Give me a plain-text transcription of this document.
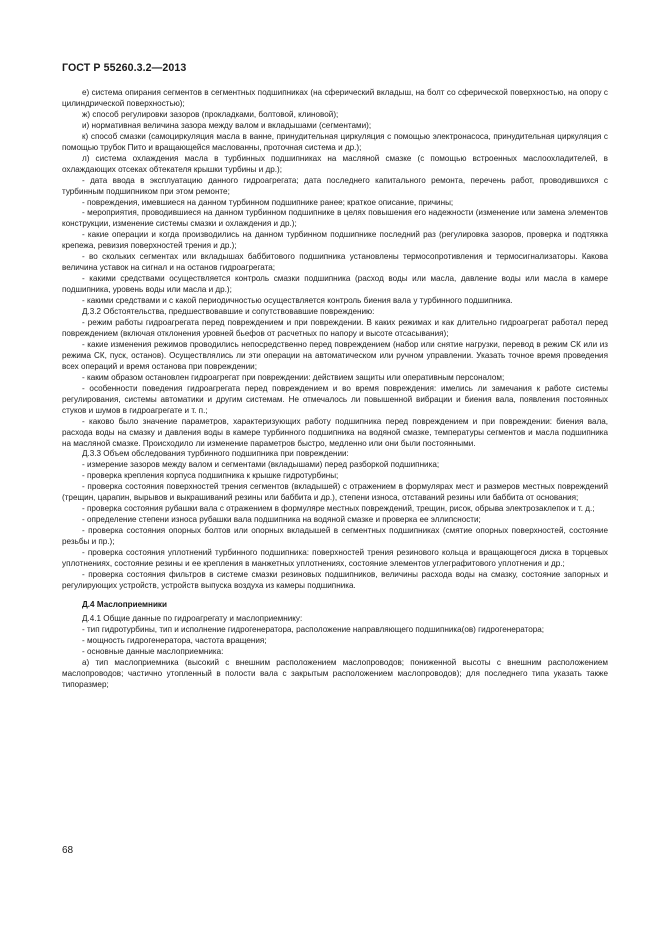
ГОСТ Р 55260.3.2—2013

е) система опирания сегментов в сегментных подшипниках (на сферический вкладыш, на болт со сферической поверхностью, на опору с цилиндрической поверхностью);

ж) способ регулировки зазоров (прокладками, болтовой, клиновой);

и) нормативная величина зазора между валом и вкладышами (сегментами);

к) способ смазки (самоциркуляция масла в ванне, принудительная циркуляция с помощью электронасоса, принудительная циркуляция с помощью трубок Пито и вращающейся маслованны, проточная система и др.);

л) система охлаждения масла в турбинных подшипниках на масляной смазке (с помощью встроенных маслоохладителей, в охлаждающих отсеках обтекателя крышки турбины и др.);

- дата ввода в эксплуатацию данного гидроагрегата; дата последнего капитального ремонта, перечень работ, проводившихся с турбинным подшипником при этом ремонте;

- повреждения, имевшиеся на данном турбинном подшипнике ранее; краткое описание, причины;

- мероприятия, проводившиеся на данном турбинном подшипнике в целях повышения его надежности (изменение или замена элементов конструкции, изменение системы смазки и охлаждения и др.);

- какие операции и когда производились на данном турбинном подшипнике последний раз (регулировка зазоров, проверка и подтяжка крепежа, ревизия поверхностей трения и др.);

- во скольких сегментах или вкладышах баббитового подшипника установлены термосопротивления и термосигнализаторы. Какова величина уставок на сигнал и на останов гидроагрегата;

- какими средствами осуществляется контроль смазки подшипника (расход воды или масла, давление воды или масла в камере подшипника, уровень воды или масла и др.);

- какими средствами и с какой периодичностью осуществляется контроль биения вала у турбинного подшипника.

Д.3.2 Обстоятельства, предшествовавшие и сопутствовавшие повреждению:

- режим работы гидроагрегата перед повреждением и при повреждении. В каких режимах и как длительно гидроагрегат работал перед повреждением (включая отклонения уровней бьефов от расчетных по напору и высоте отсасывания);

- какие изменения режимов проводились непосредственно перед повреждением (набор или снятие нагрузки, перевод в режим СК или из режима СК, пуск, останов). Осуществлялись ли эти операции на автоматическом или ручном управлении. Указать точное время проведения всех операций и время останова при повреждении;

- каким образом остановлен гидроагрегат при повреждении: действием защиты или оперативным персоналом;

- особенности поведения гидроагрегата перед повреждением и во время повреждения: имелись ли замечания к работе системы регулирования, системы автоматики и другим системам. Не отмечалось ли повышенной вибрации и биения вала, появления постоянных стуков и шумов в гидроагрегате и т. п.;

- каково было значение параметров, характеризующих работу подшипника перед повреждением и при повреждении: биения вала, расхода воды на смазку и давления воды в камере турбинного подшипника на водяной смазке, температуры сегментов и масла подшипника на масляной смазке. Происходило ли изменение параметров быстро, медленно или они были постоянными.

Д.3.3 Объем обследования турбинного подшипника при повреждении:

- измерение зазоров между валом и сегментами (вкладышами) перед разборкой подшипника;

- проверка крепления корпуса подшипника к крышке гидротурбины;

- проверка состояния поверхностей трения сегментов (вкладышей) с отражением в формулярах мест и размеров местных повреждений (трещин, царапин, вырывов и выкрашиваний резины или баббита и др.), степени износа, отставаний резины или баббита от основания;

- проверка состояния рубашки вала с отражением в формуляре местных повреждений, трещин, рисок, обрыва электрозаклепок и т. д.;

- определение степени износа рубашки вала подшипника на водяной смазке и проверка ее эллипсности;

- проверка состояния опорных болтов или опорных вкладышей в сегментных подшипниках (смятие опорных поверхностей, состояние резьбы и пр.);

- проверка состояния уплотнений турбинного подшипника: поверхностей трения резинового кольца и вращающегося диска в торцевых уплотнениях, состояние резины и ее крепления в манжетных уплотнениях, состояние элементов углеграфитового уплотнения и др.;

- проверка состояния фильтров в системе смазки резиновых подшипников, величины расхода воды на смазку, состояние запорных и регулирующих устройств, устройств выпуска воздуха из камеры подшипника.

Д.4 Маслоприемники

Д.4.1 Общие данные по гидроагрегату и маслоприемнику:

- тип гидротурбины, тип и исполнение гидрогенератора, расположение направляющего подшипника(ов) гидрогенератора;

- мощность гидрогенератора, частота вращения;

- основные данные маслоприемника:

а) тип маслоприемника (высокий с внешним расположением маслопроводов; пониженной высоты с внешним расположением маслопроводов; частично утопленный в полости вала с закрытым расположением маслопроводов); для последнего типа указать также типоразмер;

68
